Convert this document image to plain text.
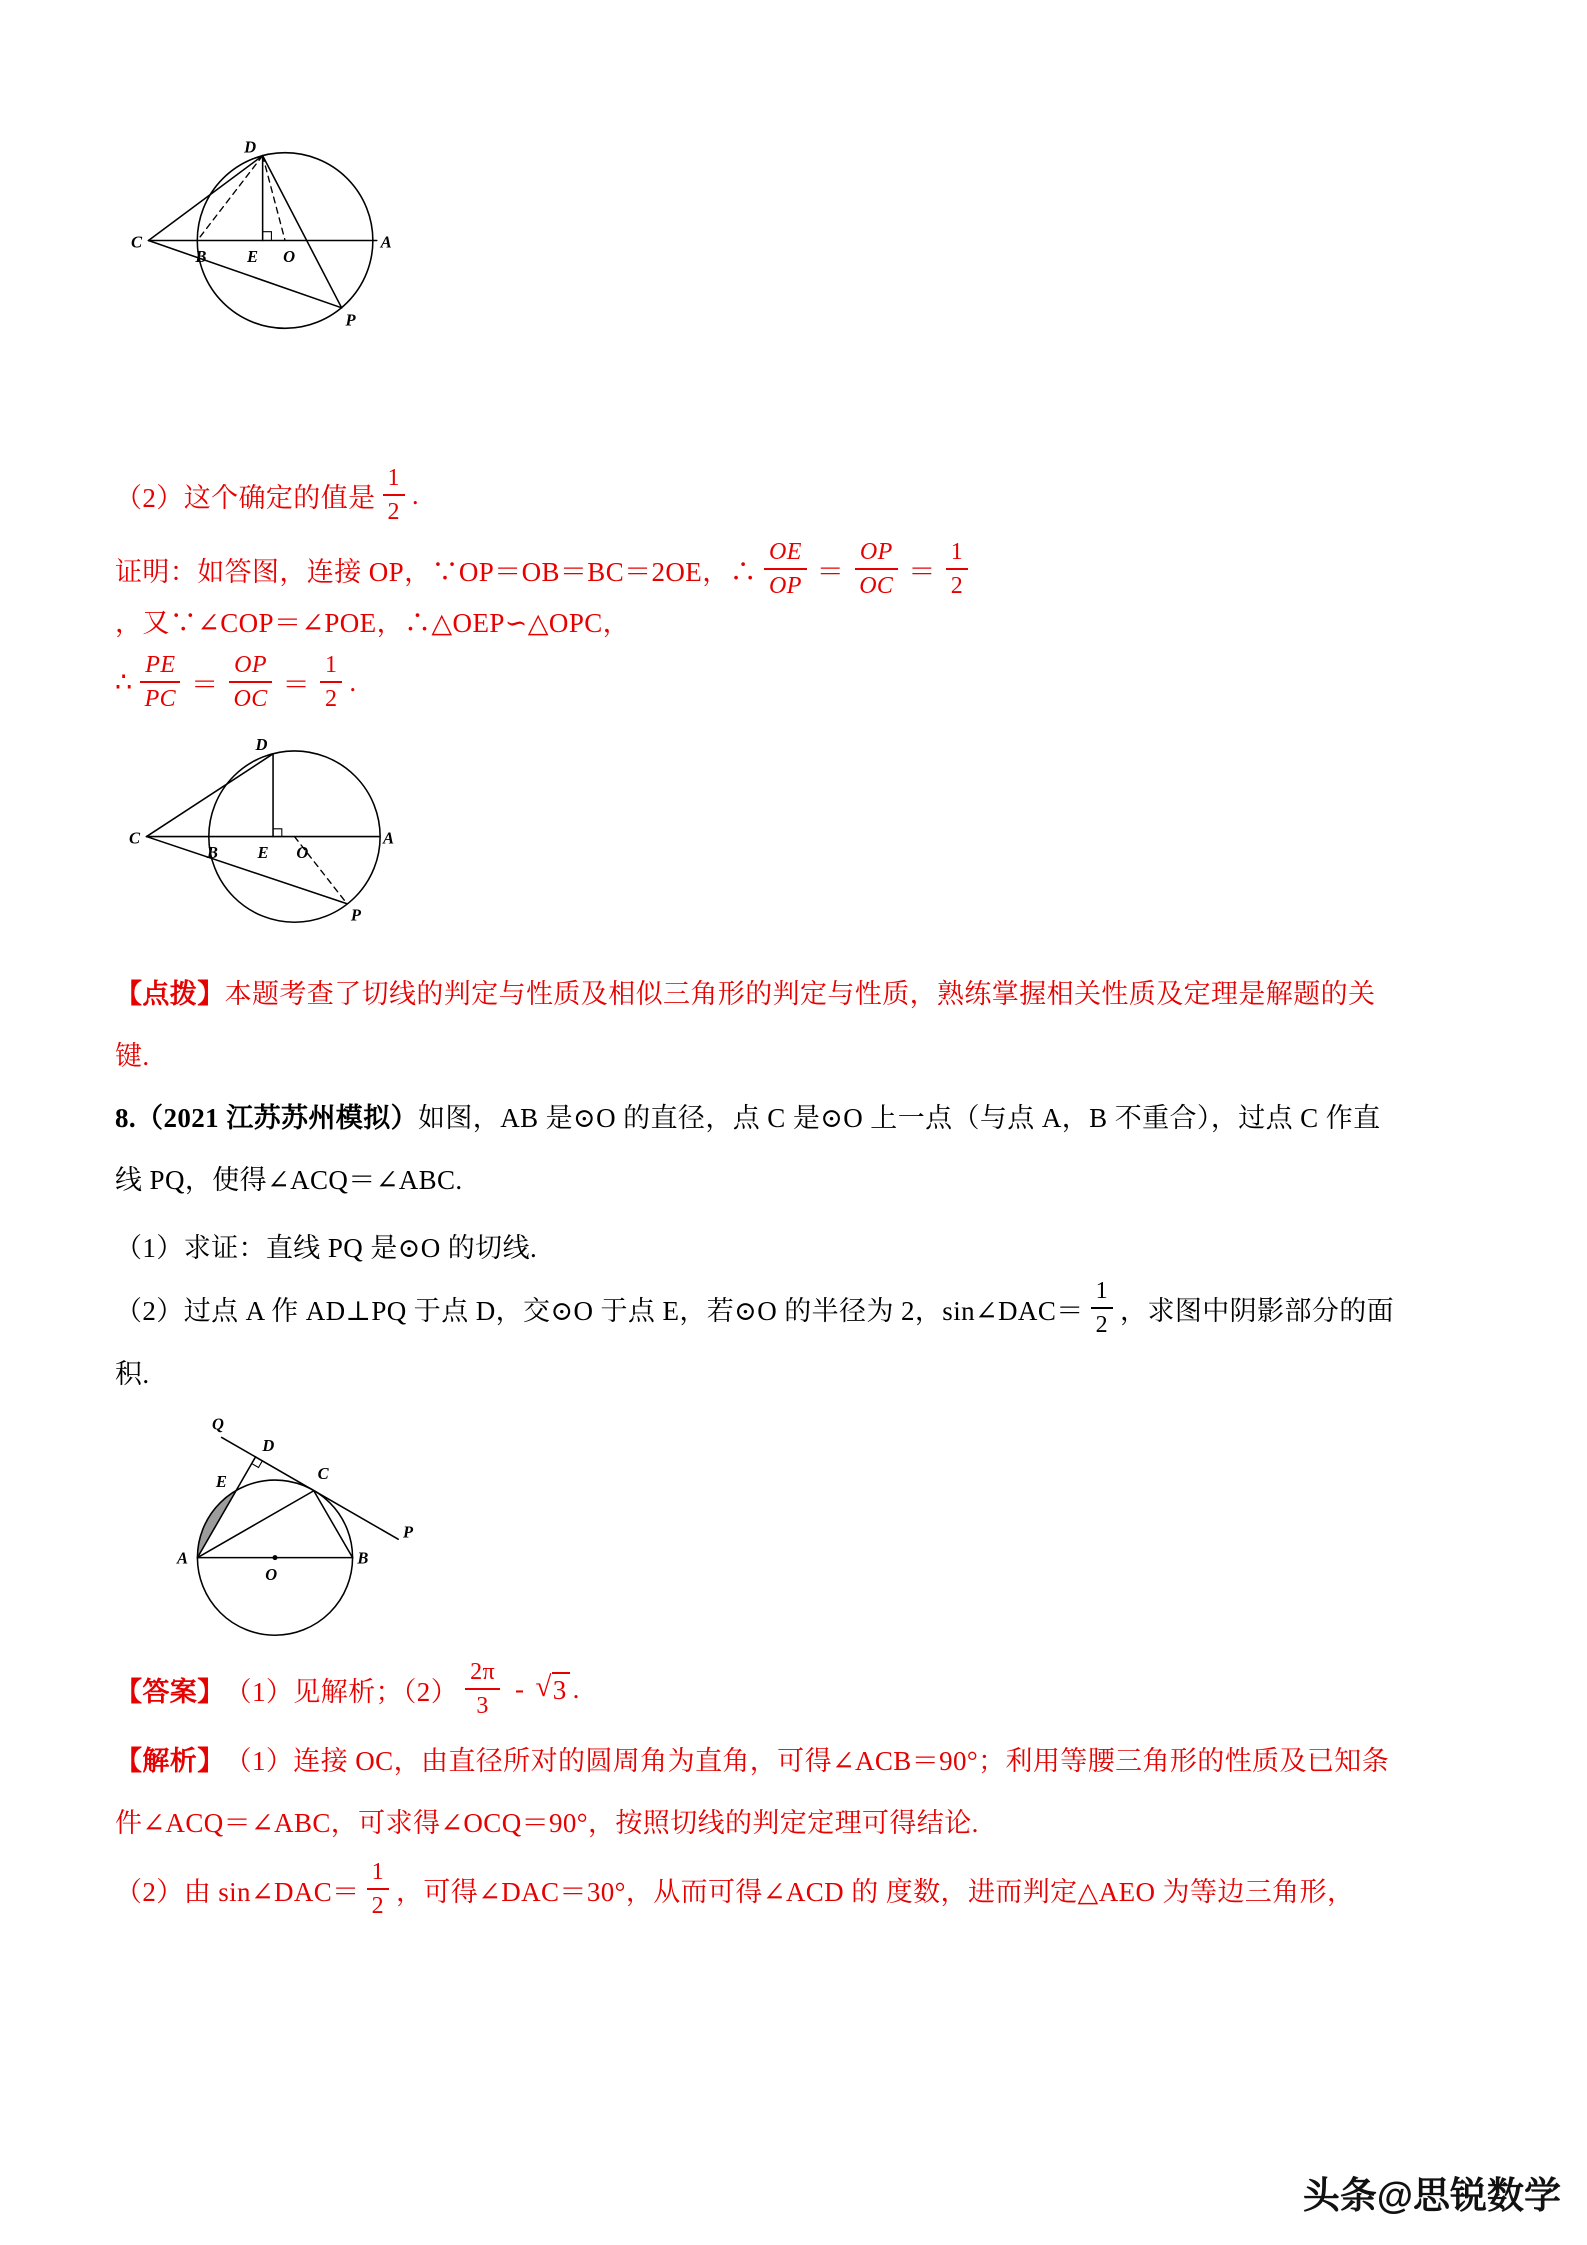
D
C
B E O
A
P
（2）这个确定的值是 $\frac{1}{2}$ .
证明：如答图，连接 OP，∵OP＝OB＝BC＝2OE，∴ $\frac{OE}{OP} = \frac{OP}{OC} = \frac{1}{2}$
，又∵∠COP＝∠POE，∴△OEP∽△OPC，
∴ $\frac{PE}{PC} = \frac{OP}{OC} = \frac{1}{2}$ .
D
C
B E O
A
P
【点拨】 本题考查了切线的判定与性质及相似三角形的判定与性质，熟练掌握相关性质及定理是解题的关
键.
8.（2021 江苏苏州模拟） 如图，AB 是⊙O 的直径，点 C 是⊙O 上一点（与点 A，B 不重合），过点 C 作直
线 PQ，使得∠ACQ＝∠ABC.
（1）求证：直线 PQ 是⊙O 的切线.
（2）过点 A 作 AD⊥PQ 于点 D，交⊙O 于点 E，若⊙O 的半径为 2，sin∠DAC＝ $\frac{1}{2}$ ，求图中阴影部分的面
积.
Q
D
E	C
P
A	B
O
【答案】 （1）见解析；$(2) \frac{2\pi}{3}$ - √ 3 .
【解析】 （1）连接 OC，由直径所对的圆周角为直角，可得∠ACB＝90°；利用等腰三角形的性质及已知条
件∠ACQ＝∠ABC，可求得∠OCQ＝90°，按照切线的判定定理可得结论.
（2）由 sin∠DAC＝ $\frac{1}{2}$ ，可得∠DAC＝30°，从而可得∠ACD 的 度数，进而判定△AEO 为等边三角形，
头条@思锐数学
